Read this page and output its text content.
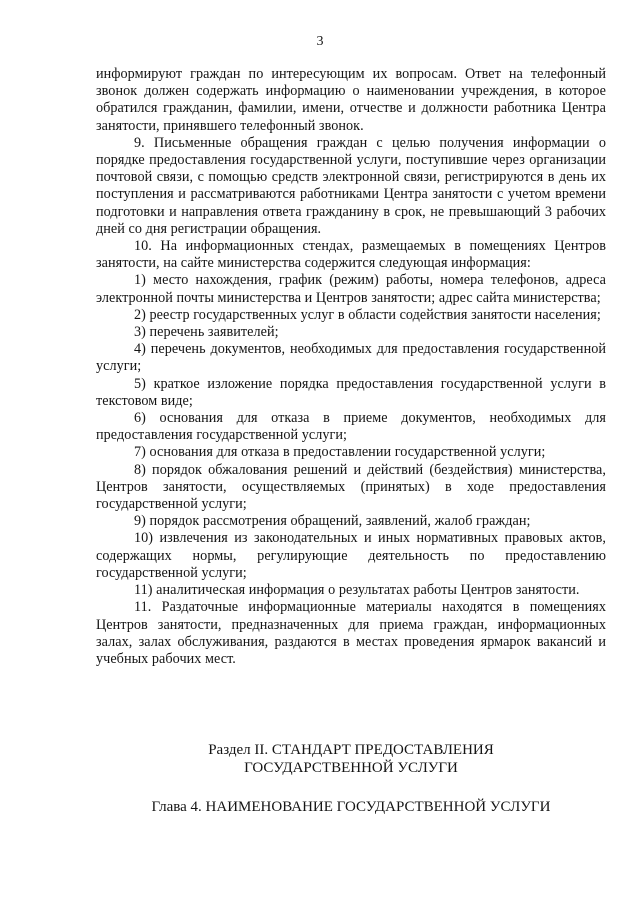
3

информируют граждан по интересующим их вопросам. Ответ на телефонный звонок должен содержать информацию о наименовании учреждения, в которое обратился гражданин, фамилии, имени, отчестве и должности работника Центра занятости, принявшего телефонный звонок.

9. Письменные обращения граждан с целью получения информации о порядке предоставления государственной услуги, поступившие через организации почтовой связи, с помощью средств электронной связи, регистрируются в день их поступления и рассматриваются работниками Центра занятости с учетом времени подготовки и направления ответа гражданину в срок, не превышающий 3 рабочих дней со дня регистрации обращения.

10. На информационных стендах, размещаемых в помещениях Центров занятости, на сайте министерства содержится следующая информация:

1) место нахождения, график (режим) работы, номера телефонов, адреса электронной почты министерства и Центров занятости; адрес сайта министерства;

2) реестр государственных услуг в области содействия занятости населения;

3) перечень заявителей;

4) перечень документов, необходимых для предоставления государственной услуги;

5) краткое изложение порядка предоставления государственной услуги в текстовом виде;

6) основания для отказа в приеме документов, необходимых для предоставления государственной услуги;

7) основания для отказа в предоставлении государственной услуги;

8) порядок обжалования решений и действий (бездействия) министерства, Центров занятости, осуществляемых (принятых) в ходе предоставления государственной услуги;

9) порядок рассмотрения обращений, заявлений, жалоб граждан;

10) извлечения из законодательных и иных нормативных правовых актов, содержащих нормы, регулирующие деятельность по предоставлению государственной услуги;

11) аналитическая информация о результатах работы Центров занятости.

11. Раздаточные информационные материалы находятся в помещениях Центров занятости, предназначенных для приема граждан, информационных залах, залах обслуживания, раздаются в местах проведения ярмарок вакансий и учебных рабочих мест.

Раздел II. СТАНДАРТ ПРЕДОСТАВЛЕНИЯ
ГОСУДАРСТВЕННОЙ УСЛУГИ
Глава 4. НАИМЕНОВАНИЕ ГОСУДАРСТВЕННОЙ УСЛУГИ
